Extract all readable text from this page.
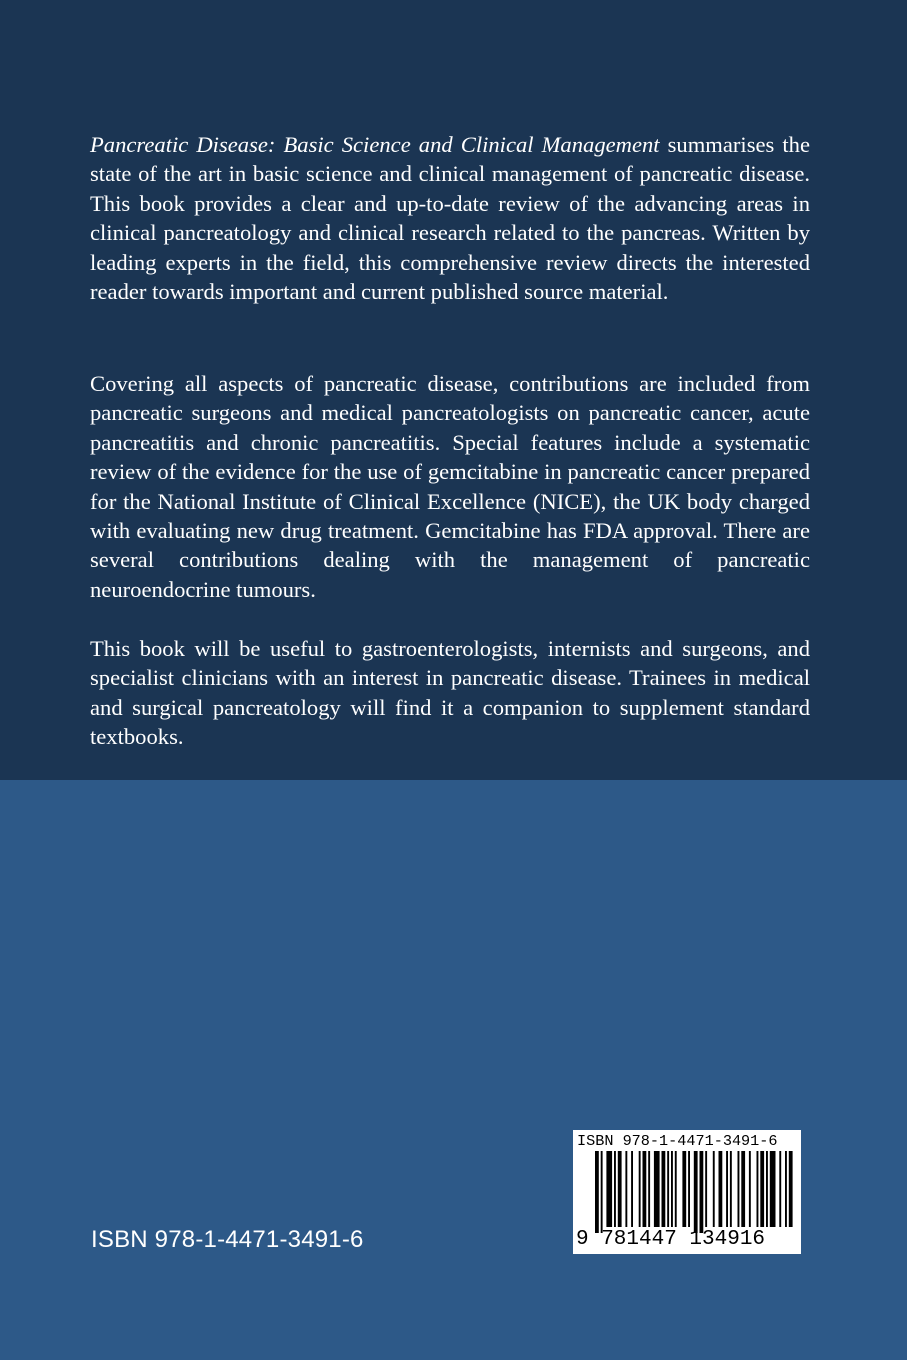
Pancreatic Disease: Basic Science and Clinical Management summarises the state of the art in basic science and clinical management of pancreatic disease. This book provides a clear and up-to-date review of the advancing areas in clinical pancreatology and clinical research related to the pancreas. Written by leading experts in the field, this comprehensive review directs the interested reader towards important and current published source material.

Covering all aspects of pancreatic disease, contributions are included from pancreatic surgeons and medical pancreatologists on pancreatic cancer, acute pancreatitis and chronic pancreatitis. Special features include a systematic review of the evidence for the use of gemcitabine in pancreatic cancer prepared for the National Institute of Clinical Excellence (NICE), the UK body charged with evaluating new drug treatment. Gemcitabine has FDA approval. There are several contributions dealing with the management of pancreatic neuroendocrine tumours.

This book will be useful to gastroenterologists, internists and surgeons, and specialist clinicians with an interest in pancreatic disease. Trainees in medical and surgical pancreatology will find it a companion to supplement standard textbooks.

ISBN 978-1-4471-3491-6
ISBN 978-1-4471-3491-6
9 781447 134916
